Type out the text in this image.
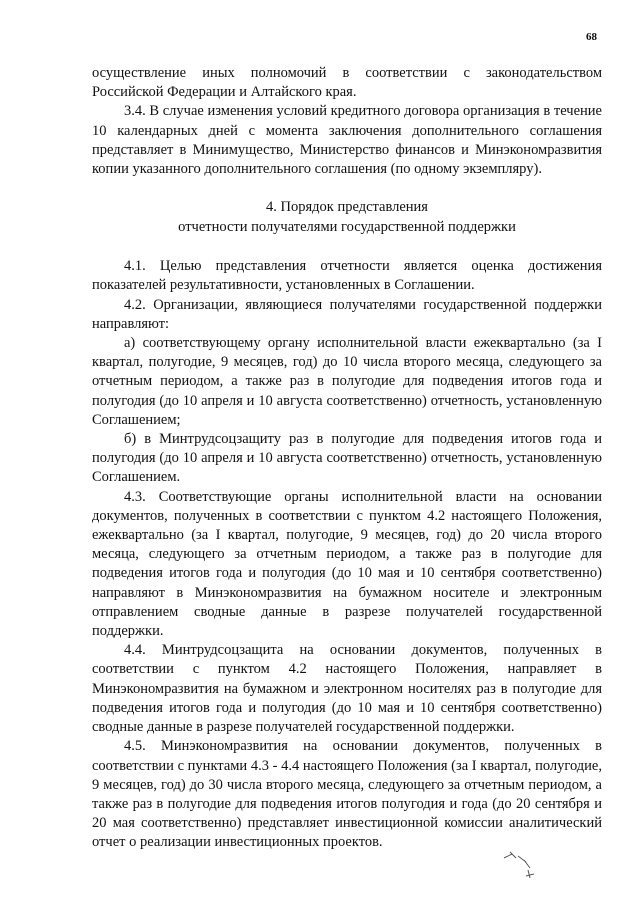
68

осуществление иных полномочий в соответствии с законодательством Российской Федерации и Алтайского края.

3.4. В случае изменения условий кредитного договора организация в течение 10 календарных дней с момента заключения дополнительного соглашения представляет в Минимущество, Министерство финансов и Минэкономразвития копии указанного дополнительного соглашения (по одному экземпляру).

4. Порядок представления
отчетности получателями государственной поддержки

4.1. Целью представления отчетности является оценка достижения показателей результативности, установленных в Соглашении.

4.2. Организации, являющиеся получателями государственной поддержки направляют:

а) соответствующему органу исполнительной власти ежеквартально (за I квартал, полугодие, 9 месяцев, год) до 10 числа второго месяца, следующего за отчетным периодом, а также раз в полугодие для подведения итогов года и полугодия (до 10 апреля и 10 августа соответственно) отчетность, установленную Соглашением;

б) в Минтрудсоцзащиту раз в полугодие для подведения итогов года и полугодия (до 10 апреля и 10 августа соответственно) отчетность, установленную Соглашением.

4.3. Соответствующие органы исполнительной власти на основании документов, полученных в соответствии с пунктом 4.2 настоящего Положения, ежеквартально (за I квартал, полугодие, 9 месяцев, год) до 20 числа второго месяца, следующего за отчетным периодом, а также раз в полугодие для подведения итогов года и полугодия (до 10 мая и 10 сентября соответственно) направляют в Минэкономразвития на бумажном носителе и электронным отправлением сводные данные в разрезе получателей государственной поддержки.

4.4. Минтрудсоцзащита на основании документов, полученных в соответствии с пунктом 4.2 настоящего Положения, направляет в Минэкономразвития на бумажном и электронном носителях раз в полугодие для подведения итогов года и полугодия (до 10 мая и 10 сентября соответственно) сводные данные в разрезе получателей государственной поддержки.

4.5. Минэкономразвития на основании документов, полученных в соответствии с пунктами 4.3 - 4.4 настоящего Положения (за I квартал, полугодие, 9 месяцев, год) до 30 числа второго месяца, следующего за отчетным периодом, а также раз в полугодие для подведения итогов полугодия и года (до 20 сентября и 20 мая соответственно) представляет инвестиционной комиссии аналитический отчет о реализации инвестиционных проектов.
